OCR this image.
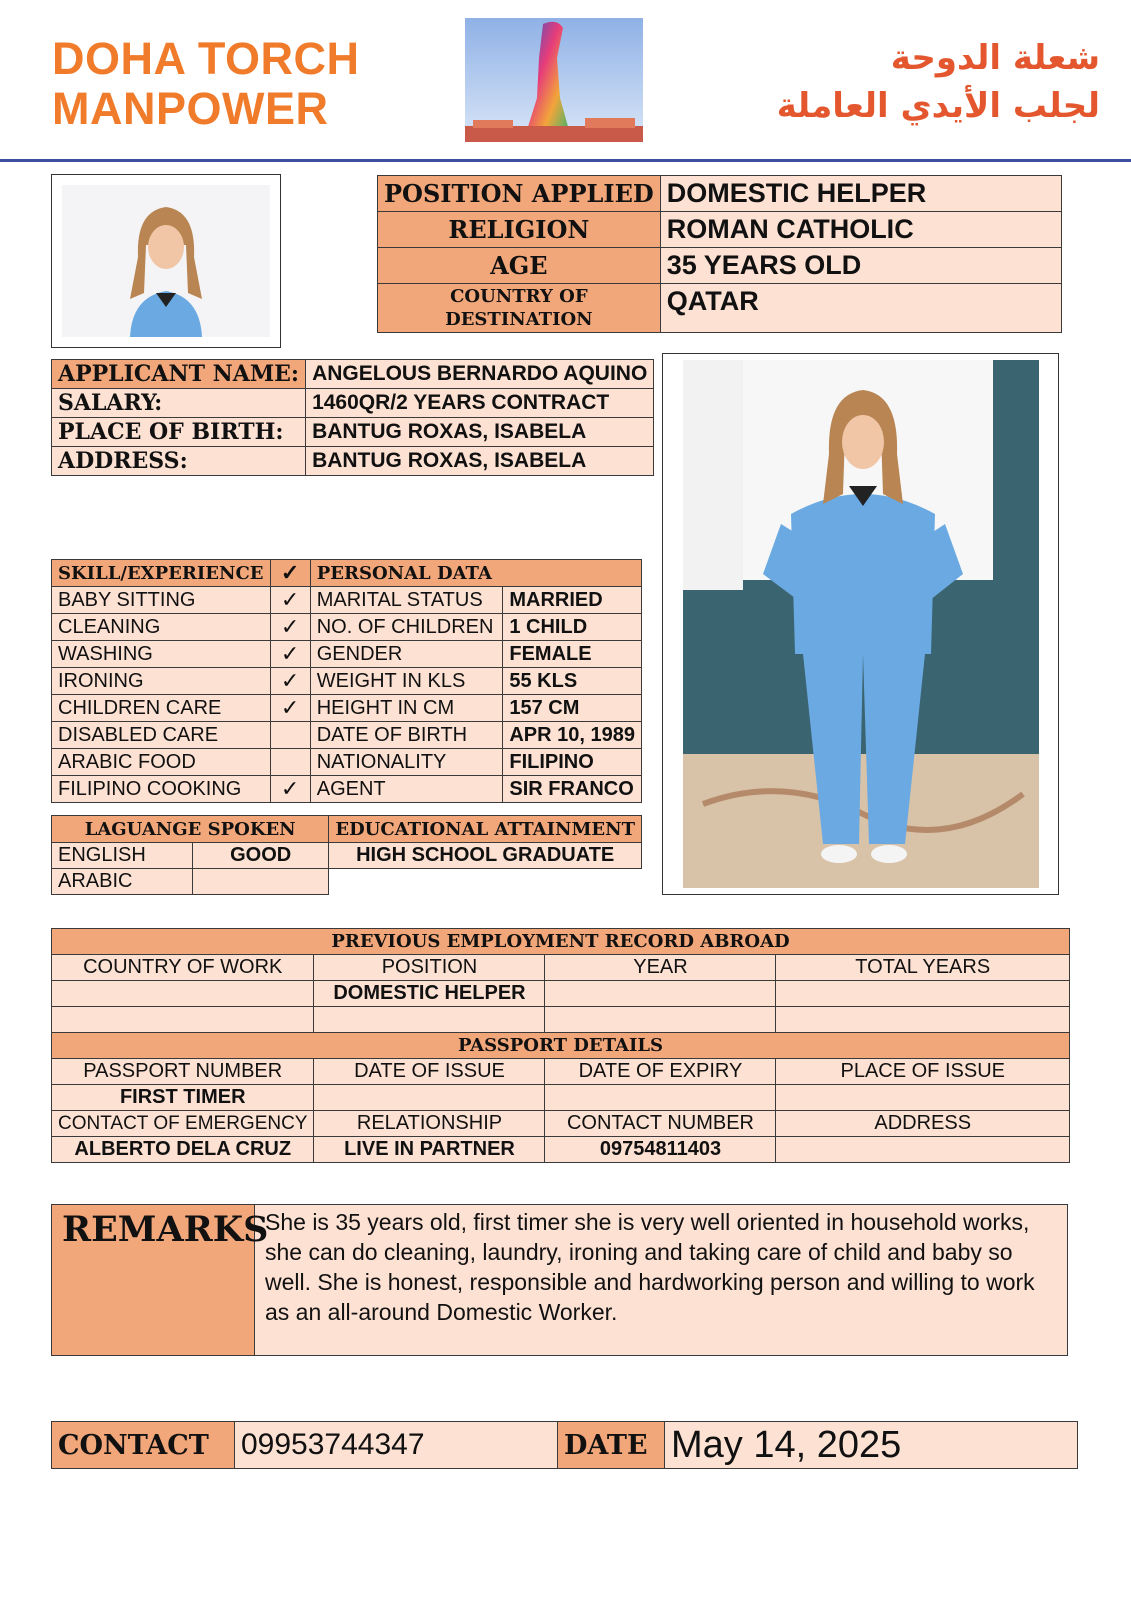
DOHA TORCH
MANPOWER
شعلة الدوحة
لجلب الأيدي العاملة
POSITION APPLIED	DOMESTIC HELPER
RELIGION	ROMAN CATHOLIC
AGE	35 YEARS OLD

COUNTRY OF
DESTINATION	QATAR
APPLICANT NAME:	ANGELOUS BERNARDO AQUINO
SALARY:	1460QR/2 YEARS CONTRACT
PLACE OF BIRTH:	BANTUG ROXAS, ISABELA
ADDRESS:	BANTUG ROXAS, ISABELA
SKILL/EXPERIENCE	✓	PERSONAL DATA	
BABY SITTING	✓	MARITAL STATUS	MARRIED
CLEANING	✓	NO. OF CHILDREN	1 CHILD
WASHING	✓	GENDER	FEMALE
IRONING	✓	WEIGHT IN KLS	55 KLS
CHILDREN CARE	✓	HEIGHT IN CM	157 CM
DISABLED CARE		DATE OF BIRTH	APR 10, 1989
ARABIC FOOD		NATIONALITY	FILIPINO
FILIPINO COOKING	✓	AGENT	SIR FRANCO
LAGUANGE SPOKEN		EDUCATIONAL ATTAINMENT
ENGLISH	GOOD	HIGH SCHOOL GRADUATE
ARABIC		
PREVIOUS EMPLOYMENT RECORD ABROAD			
COUNTRY OF WORK	POSITION	YEAR	TOTAL YEARS
	DOMESTIC HELPER		

PASSPORT DETAILS			
PASSPORT NUMBER	DATE OF ISSUE	DATE OF EXPIRY	PLACE OF ISSUE
FIRST TIMER			
CONTACT OF EMERGENCY	RELATIONSHIP	CONTACT NUMBER	ADDRESS
ALBERTO DELA CRUZ	LIVE IN PARTNER	09754811403	
REMARKS
She is 35 years old, first timer she is very well oriented in household works, she can do cleaning, laundry, ironing and taking care of child and baby so well. She is honest, responsible and hardworking person and willing to work as an all-around Domestic Worker.
CONTACT	09953744347	DATE	May 14, 2025
